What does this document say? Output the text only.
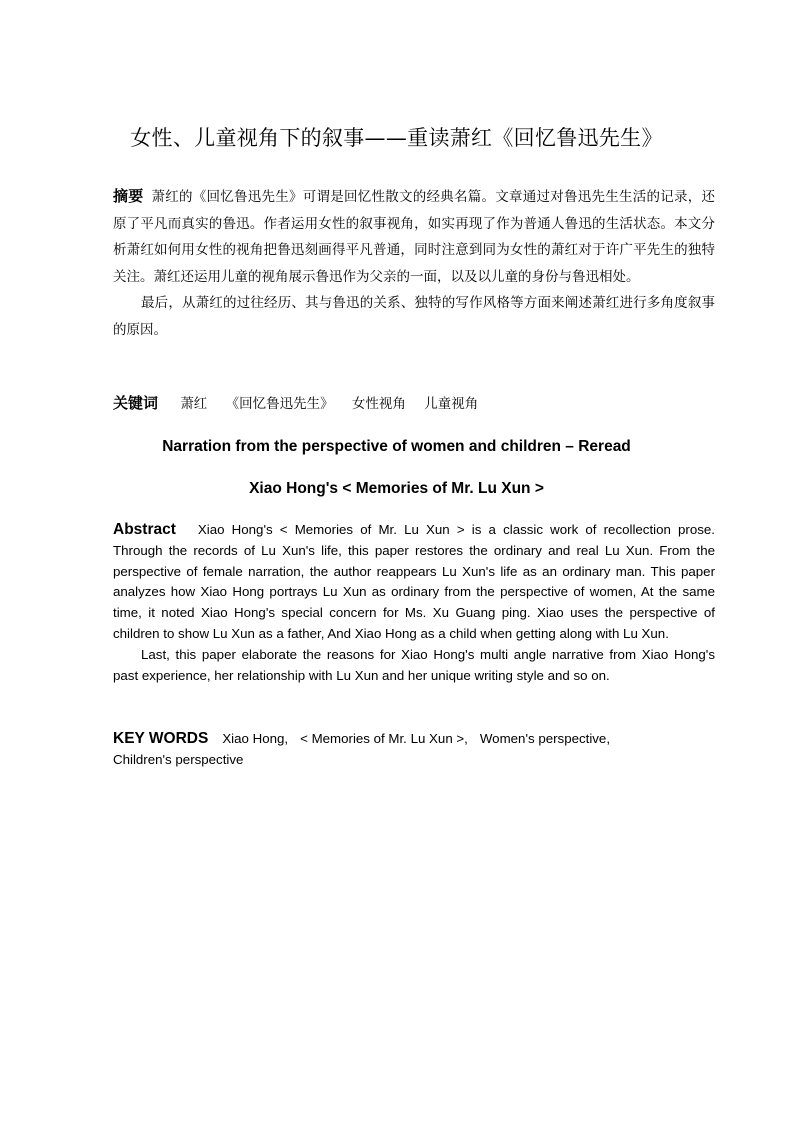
女性、儿童视角下的叙事——重读萧红《回忆鲁迅先生》

摘要 萧红的《回忆鲁迅先生》可谓是回忆性散文的经典名篇。文章通过对鲁迅先生生活的记录，还原了平凡而真实的鲁迅。作者运用女性的叙事视角，如实再现了作为普通人鲁迅的生活状态。本文分析萧红如何用女性的视角把鲁迅刻画得平凡普通，同时注意到同为女性的萧红对于许广平先生的独特关注。萧红还运用儿童的视角展示鲁迅作为父亲的一面，以及以儿童的身份与鲁迅相处。

最后，从萧红的过往经历、其与鲁迅的关系、独特的写作风格等方面来阐述萧红进行多角度叙事的原因。

关键词 萧红 《回忆鲁迅先生》 女性视角 儿童视角
Narration from the perspective of women and children – Reread
Xiao Hong's < Memories of Mr. Lu Xun >

Abstract Xiao Hong's < Memories of Mr. Lu Xun > is a classic work of recollection prose. Through the records of Lu Xun's life, this paper restores the ordinary and real Lu Xun. From the perspective of female narration, the author reappears Lu Xun's life as an ordinary man. This paper analyzes how Xiao Hong portrays Lu Xun as ordinary from the perspective of women, At the same time, it noted Xiao Hong's special concern for Ms. Xu Guang ping. Xiao uses the perspective of children to show Lu Xun as a father, And Xiao Hong as a child when getting along with Lu Xun.

Last, this paper elaborate the reasons for Xiao Hong's multi angle narrative from Xiao Hong's past experience, her relationship with Lu Xun and her unique writing style and so on.

KEY WORDS Xiao Hong, < Memories of Mr. Lu Xun >, Women's perspective,
Children's perspective
